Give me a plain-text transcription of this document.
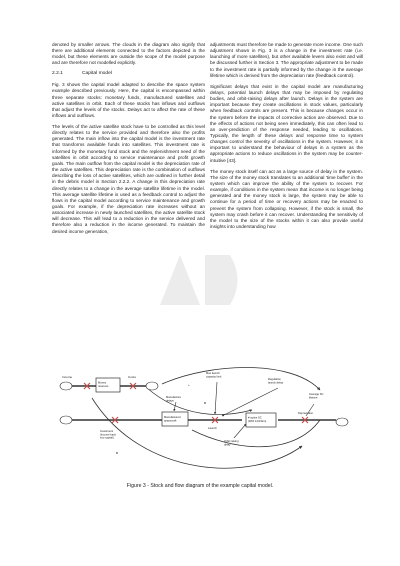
denoted by smaller arrows. The clouds in the diagram also signify that there are additional elements connected to the factors depicted in the model, but these elements are outside the scope of the model purpose and are therefore not modelled explicitly.

2.2.1	Capital model

Fig. 3 shows the capital model adapted to describe the space system example described previously. Here, the capital is encompassed within three separate stocks: monetary funds, manufactured satellites and active satellites in orbit. Each of these stocks has inflows and outflows that adjust the levels of the stocks. Delays act to affect the rate of these inflows and outflows.

The levels of the active satellite stock have to be controlled as this level directly relates to the service provided and therefore also the profits generated. The main inflow into the capital model is the investment rate that transforms available funds into satellites. This investment rate is informed by the monetary fund stock and the replenishment need of the satellites in orbit according to service maintenance and profit growth goals. The main outflow from the capital model is the depreciation rate of the active satellites. This depreciation rate is the combination of outflows describing the loss of active satellites, which are outlined in further detail in the debris model in Section 2.2.2. A change in this depreciation rate directly relates to a change in the average satellite lifetime in the model. This average satellite lifetime is used as a feedback control to adjust the flows in the capital model according to service maintenance and growth goals. For example, if the depreciation rate increases without an associated increase in newly launched satellites, the active satellite stock will decrease. This will lead to a reduction in the service delivered and therefore also a reduction in the income generated. To maintain the desired income generation,

adjustments must therefore be made to generate more income. One such adjustment shown in Fig. 3 is a change in the investment rate (i.e. launching of more satellites), but other available levers also exist and will be discussed further in Section 3. The appropriate adjustment to be made to the investment rate is partially informed by the change in the average lifetime which is derived from the depreciation rate (feedback control).

Significant delays that exist in the capital model are manufacturing delays, potential launch delays that may be imposed by regulating bodies, and orbit-raising delays after launch. Delays in the system are important because they create oscillations in stock values, particularly when feedback controls are present. This is because changes occur in the system before the impacts of corrective action are observed. Due to the effects of actions not being seen immediately, this can often lead to an over-prediction of the response needed, leading to oscillations. Typically, the length of these delays and response time to system changes control the severity of oscillations in the system. However, it is important to understand the behaviour of delays in a system as the appropriate actions to reduce oscillations in the system may be counter-intuitive [43].

The money stock itself can act as a large source of delay in the system. The size of the money stock translates to an additional 'time buffer' in the system which can improve the ability of the system to recover. For example, if conditions in the system mean that income is no longer being generated and the money stock is large, the system may be able to continue for a period of time or recovery actions may be enacted to prevent the system from collapsing. However, if the stock is small, the system may crash before it can recover. Understanding the sensitivity of the model to the size of the stocks within it can also provide useful insights into understanding how

Income	Costs
Money reserves
Max launch capacity limit
Regulation launch delay
Average SC lifetime
Investment (income back into capital)
Manufacture delays
Manufactured spacecraft
Launch
# active SC (With 12/13km)
Orbit raising delay
Depreciation
+
B
B
Figure 3 - Stock and flow diagram of the example capital model.
